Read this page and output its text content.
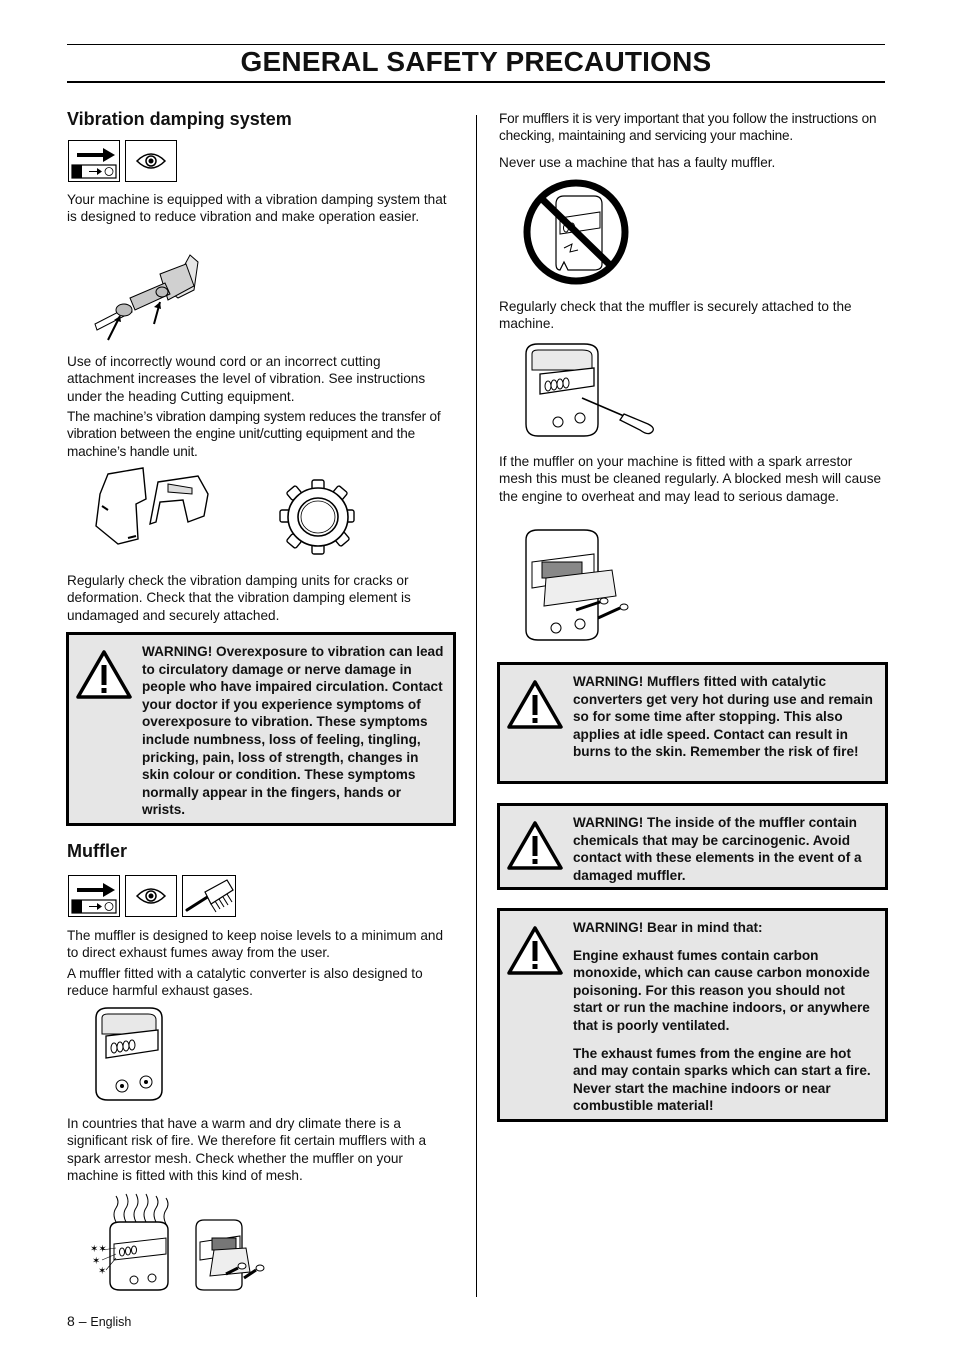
GENERAL SAFETY PRECAUTIONS
Vibration damping system
Your machine is equipped with a vibration damping system that is designed to reduce vibration and make operation easier.
Use of incorrectly wound cord or an incorrect cutting attachment increases the level of vibration. See instructions under the heading Cutting equipment.
The machine’s vibration damping system reduces the transfer of vibration between the engine unit/cutting equipment and the machine’s handle unit.
Regularly check the vibration damping units for cracks or deformation. Check that the vibration damping element is undamaged and securely attached.
WARNING! Overexposure to vibration can lead to circulatory damage or nerve damage in people who have impaired circulation. Contact your doctor if you experience symptoms of overexposure to vibration. These symptoms include numbness, loss of feeling, tingling, pricking, pain, loss of strength, changes in skin colour or condition. These symptoms normally appear in the fingers, hands or wrists.
Muffler
The muffler is designed to keep noise levels to a minimum and to direct exhaust fumes away from the user.
A muffler fitted with a catalytic converter is also designed to reduce harmful exhaust gases.
In countries that have a warm and dry climate there is a significant risk of fire. We therefore fit certain mufflers with a spark arrestor mesh. Check whether the muffler on your machine is fitted with this kind of mesh.
✶✶
✶
✶
For mufflers it is very important that you follow the instructions on checking, maintaining and servicing your machine.
Never use a machine that has a faulty muffler.
Regularly check that the muffler is securely attached to the machine.
If the muffler on your machine is fitted with a spark arrestor mesh this must be cleaned regularly. A blocked mesh will cause the engine to overheat and may lead to serious damage.
WARNING! Mufflers fitted with catalytic converters get very hot during use and remain so for some time after stopping. This also applies at idle speed. Contact can result in burns to the skin. Remember the risk of fire!
WARNING! The inside of the muffler contain chemicals that may be carcinogenic. Avoid contact with these elements in the event of a damaged muffler.
WARNING! Bear in mind that:
Engine exhaust fumes contain carbon monoxide, which can cause carbon monoxide poisoning. For this reason you should not start or run the machine indoors, or anywhere that is poorly ventilated.
The exhaust fumes from the engine are hot and may contain sparks which can start a fire. Never start the machine indoors or near combustible material!
8 – English
